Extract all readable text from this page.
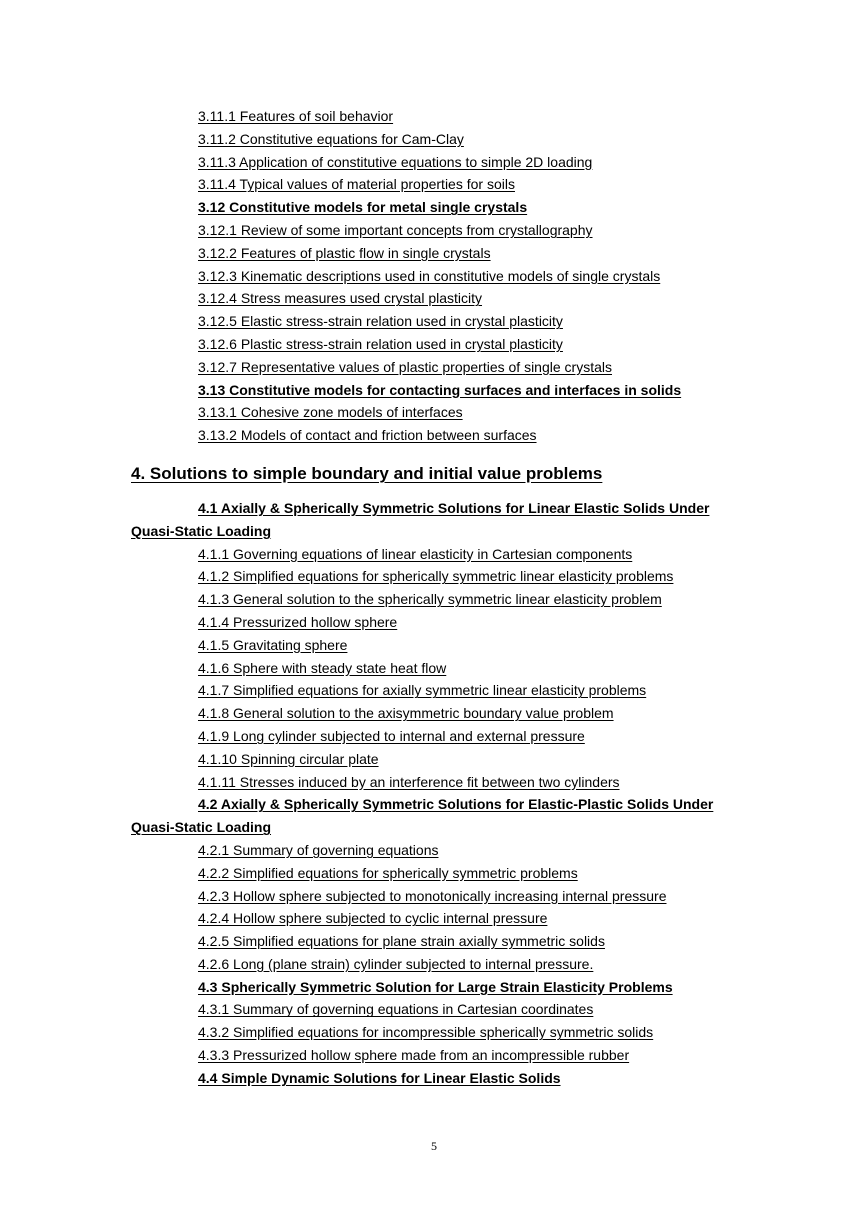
3.11.1 Features of soil behavior
3.11.2 Constitutive equations for Cam-Clay
3.11.3 Application of constitutive equations to simple 2D loading
3.11.4 Typical values of material properties for soils
3.12 Constitutive models for metal single crystals
3.12.1 Review of some important concepts from crystallography
3.12.2 Features of plastic flow in single crystals
3.12.3 Kinematic descriptions used in constitutive models of single crystals
3.12.4 Stress measures used crystal plasticity
3.12.5 Elastic stress-strain relation used in crystal plasticity
3.12.6 Plastic stress-strain relation used in crystal plasticity
3.12.7 Representative values of plastic properties of single crystals
3.13 Constitutive models for contacting surfaces and interfaces in solids
3.13.1 Cohesive zone models of interfaces
3.13.2 Models of contact and friction between surfaces
4. Solutions to simple boundary and initial value problems
4.1 Axially & Spherically Symmetric Solutions for Linear Elastic Solids Under
Quasi-Static Loading
4.1.1 Governing equations of linear elasticity in Cartesian components
4.1.2 Simplified equations for spherically symmetric linear elasticity problems
4.1.3 General solution to the spherically symmetric linear elasticity problem
4.1.4 Pressurized hollow sphere
4.1.5 Gravitating sphere
4.1.6 Sphere with steady state heat flow
4.1.7 Simplified equations for axially symmetric linear elasticity problems
4.1.8 General solution to the axisymmetric boundary value problem
4.1.9 Long cylinder subjected to internal and external pressure
4.1.10 Spinning circular plate
4.1.11 Stresses induced by an interference fit between two cylinders
4.2 Axially & Spherically Symmetric Solutions for Elastic-Plastic Solids Under
Quasi-Static Loading
4.2.1 Summary of governing equations
4.2.2 Simplified equations for spherically symmetric problems
4.2.3 Hollow sphere subjected to monotonically increasing internal pressure
4.2.4 Hollow sphere subjected to cyclic internal pressure
4.2.5 Simplified equations for plane strain axially symmetric solids
4.2.6 Long (plane strain) cylinder subjected to internal pressure.
4.3 Spherically Symmetric Solution for Large Strain Elasticity Problems
4.3.1 Summary of governing equations in Cartesian coordinates
4.3.2 Simplified equations for incompressible spherically symmetric solids
4.3.3 Pressurized hollow sphere made from an incompressible rubber
4.4 Simple Dynamic Solutions for Linear Elastic Solids
5
